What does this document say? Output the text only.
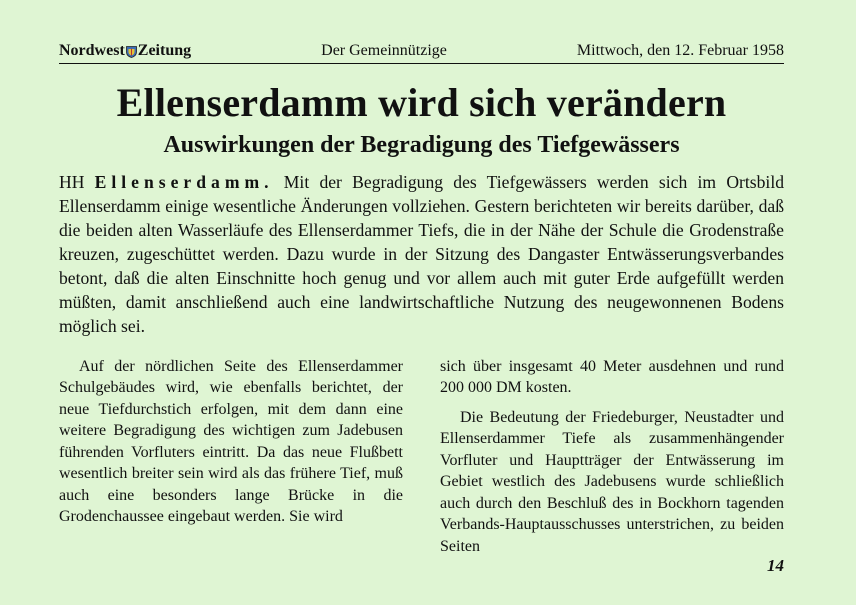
Nordwest Zeitung	Der Gemeinnützige	Mittwoch, den 12. Februar 1958
Ellenserdamm wird sich verändern
Auswirkungen der Begradigung des Tiefgewässers

HH Ellenserdamm. Mit der Begradigung des Tiefgewässers werden sich im Ortsbild Ellenserdamm einige wesentliche Änderungen vollziehen. Gestern berichteten wir bereits darüber, daß die beiden alten Wasserläufe des Ellenserdammer Tiefs, die in der Nähe der Schule die Grodenstraße kreuzen, zugeschüttet werden. Dazu wurde in der Sitzung des Dangaster Entwässerungsverbandes betont, daß die alten Einschnitte hoch genug und vor allem auch mit guter Erde aufgefüllt werden müßten, damit anschließend auch eine landwirtschaftliche Nutzung des neugewonnenen Bodens möglich sei.

Auf der nördlichen Seite des Ellenserdammer Schulgebäudes wird, wie ebenfalls berichtet, der neue Tiefdurchstich erfolgen, mit dem dann eine weitere Begradigung des wichtigen zum Jadebusen führenden Vorfluters eintritt. Da das neue Flußbett wesentlich breiter sein wird als das frühere Tief, muß auch eine besonders lange Brücke in die Grodenchaussee eingebaut werden. Sie wird

sich über insgesamt 40 Meter ausdehnen und rund 200 000 DM kosten.

Die Bedeutung der Friedeburger, Neustadter und Ellenserdammer Tiefe als zusammenhängender Vorfluter und Hauptträger der Entwässerung im Gebiet westlich des Jadebusens wurde schließlich auch durch den Beschluß des in Bockhorn tagenden Verbands-Hauptausschusses unterstrichen, zu beiden Seiten

14
